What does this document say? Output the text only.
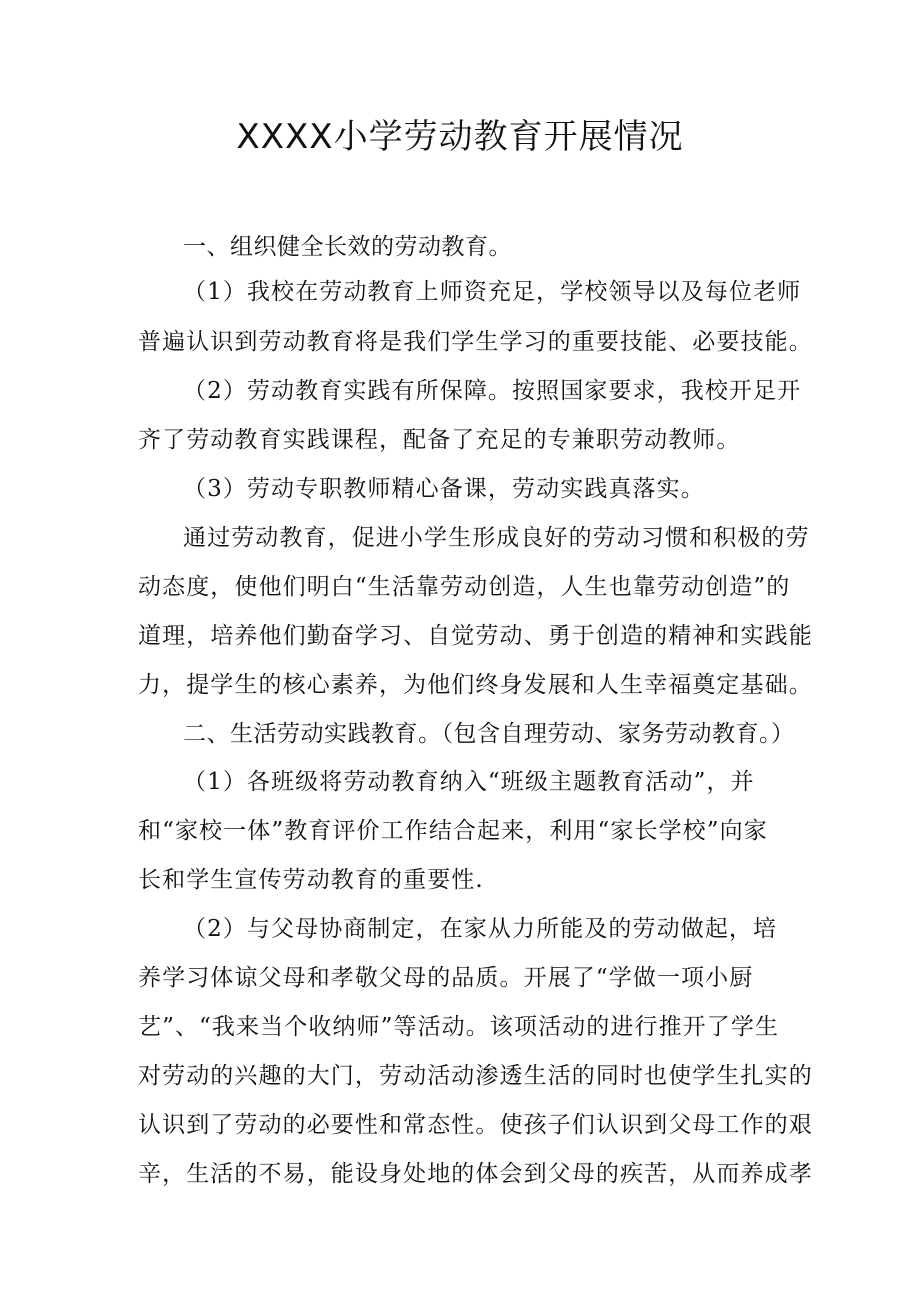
XXXX小学劳动教育开展情况
一、组织健全长效的劳动教育。
（1）我校在劳动教育上师资充足，学校领导以及每位老师
普遍认识到劳动教育将是我们学生学习的重要技能、必要技能。
（2）劳动教育实践有所保障。按照国家要求，我校开足开
齐了劳动教育实践课程，配备了充足的专兼职劳动教师。
（3）劳动专职教师精心备课，劳动实践真落实。
通过劳动教育，促进小学生形成良好的劳动习惯和积极的劳
动态度，使他们明白“生活靠劳动创造，人生也靠劳动创造”的
道理，培养他们勤奋学习、自觉劳动、勇于创造的精神和实践能
力，提学生的核心素养，为他们终身发展和人生幸福奠定基础。
二、生活劳动实践教育。（包含自理劳动、家务劳动教育。）
（1）各班级将劳动教育纳入“班级主题教育活动”，并
和“家校一体”教育评价工作结合起来，利用“家长学校”向家
长和学生宣传劳动教育的重要性.
（2）与父母协商制定，在家从力所能及的劳动做起，培
养学习体谅父母和孝敬父母的品质。开展了“学做一项小厨
艺”、“我来当个收纳师”等活动。该项活动的进行推开了学生
对劳动的兴趣的大门，劳动活动渗透生活的同时也使学生扎实的
认识到了劳动的必要性和常态性。使孩子们认识到父母工作的艰
辛，生活的不易，能设身处地的体会到父母的疾苦，从而养成孝
